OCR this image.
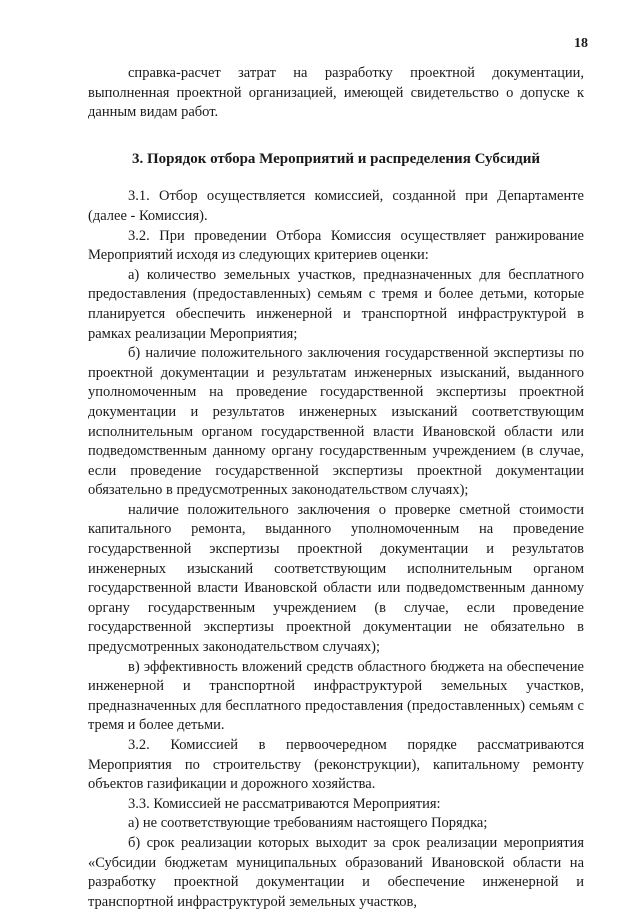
18

справка-расчет затрат на разработку проектной документации, выполненная проектной организацией, имеющей свидетельство о допуске к данным видам работ.

3. Порядок отбора Мероприятий и распределения Субсидий

3.1. Отбор осуществляется комиссией, созданной при Департаменте (далее - Комиссия).

3.2. При проведении Отбора Комиссия осуществляет ранжирование Мероприятий исходя из следующих критериев оценки:

а) количество земельных участков, предназначенных для бесплатного предоставления (предоставленных) семьям с тремя и более детьми, которые планируется обеспечить инженерной и транспортной инфраструктурой в рамках реализации Мероприятия;

б) наличие положительного заключения государственной экспертизы по проектной документации и результатам инженерных изысканий, выданного уполномоченным на проведение государственной экспертизы проектной документации и результатов инженерных изысканий соответствующим исполнительным органом государственной власти Ивановской области или подведомственным данному органу государственным учреждением (в случае, если проведение государственной экспертизы проектной документации обязательно в предусмотренных законодательством случаях);

наличие положительного заключения о проверке сметной стоимости капитального ремонта, выданного уполномоченным на проведение государственной экспертизы проектной документации и результатов инженерных изысканий соответствующим исполнительным органом государственной власти Ивановской области или подведомственным данному органу государственным учреждением (в случае, если проведение государственной экспертизы проектной документации не обязательно в предусмотренных законодательством случаях);

в) эффективность вложений средств областного бюджета на обеспечение инженерной и транспортной инфраструктурой земельных участков, предназначенных для бесплатного предоставления (предоставленных) семьям с тремя и более детьми.

3.2. Комиссией в первоочередном порядке рассматриваются Мероприятия по строительству (реконструкции), капитальному ремонту объектов газификации и дорожного хозяйства.

3.3. Комиссией не рассматриваются Мероприятия:

а) не соответствующие требованиям настоящего Порядка;

б) срок реализации которых выходит за срок реализации мероприятия «Субсидии бюджетам муниципальных образований Ивановской области на разработку проектной документации и обеспечение инженерной и транспортной инфраструктурой земельных участков,
